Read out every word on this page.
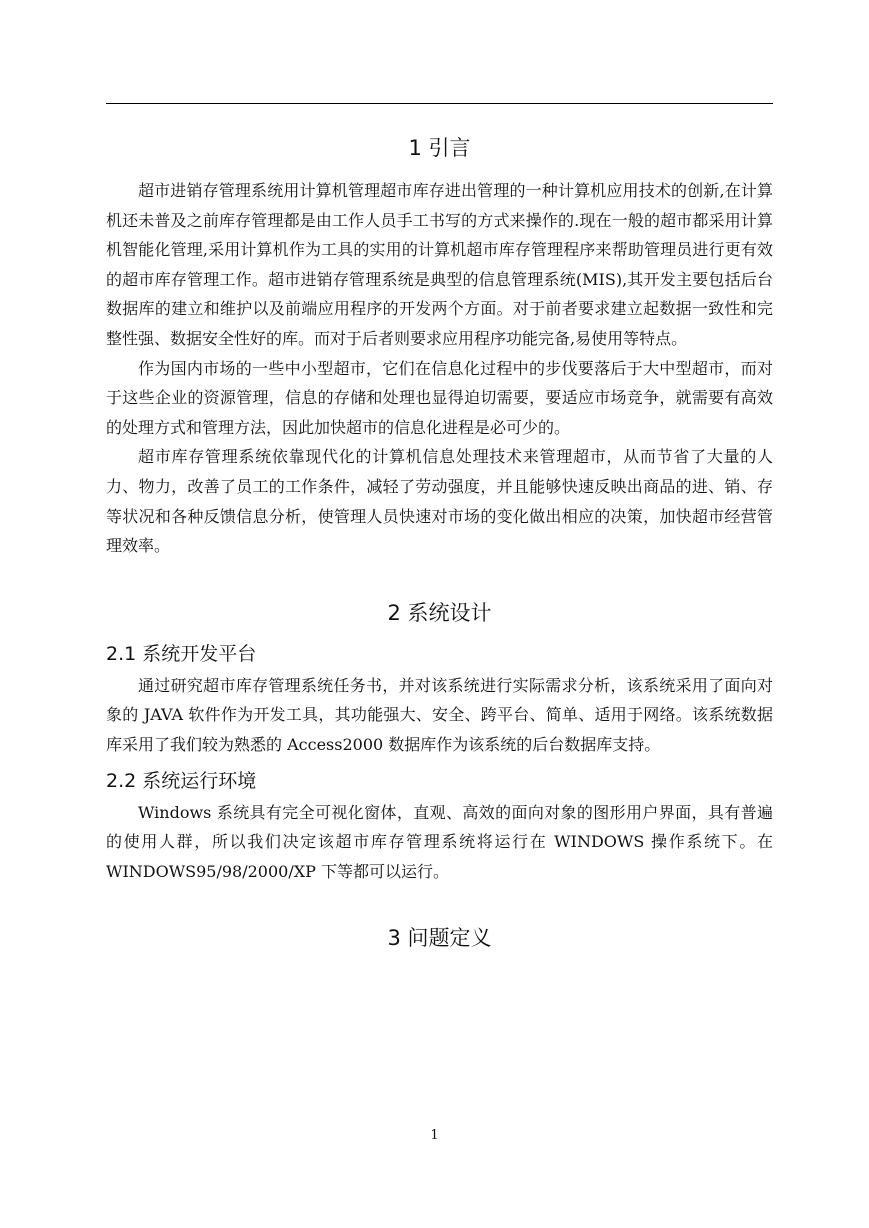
1 引言

超市进销存管理系统用计算机管理超市库存进出管理的一种计算机应用技术的创新,在计算机还未普及之前库存管理都是由工作人员手工书写的方式来操作的.现在一般的超市都采用计算机智能化管理,采用计算机作为工具的实用的计算机超市库存管理程序来帮助管理员进行更有效的超市库存管理工作。超市进销存管理系统是典型的信息管理系统(MIS),其开发主要包括后台数据库的建立和维护以及前端应用程序的开发两个方面。对于前者要求建立起数据一致性和完整性强、数据安全性好的库。而对于后者则要求应用程序功能完备,易使用等特点。

作为国内市场的一些中小型超市，它们在信息化过程中的步伐要落后于大中型超市，而对于这些企业的资源管理，信息的存储和处理也显得迫切需要，要适应市场竞争，就需要有高效的处理方式和管理方法，因此加快超市的信息化进程是必可少的。

超市库存管理系统依靠现代化的计算机信息处理技术来管理超市，从而节省了大量的人力、物力，改善了员工的工作条件，减轻了劳动强度，并且能够快速反映出商品的进、销、存等状况和各种反馈信息分析，使管理人员快速对市场的变化做出相应的决策，加快超市经营管理效率。

2 系统设计
2.1 系统开发平台

通过研究超市库存管理系统任务书，并对该系统进行实际需求分析，该系统采用了面向对象的 JAVA 软件作为开发工具，其功能强大、安全、跨平台、简单、适用于网络。该系统数据库采用了我们较为熟悉的 Access2000 数据库作为该系统的后台数据库支持。

2.2 系统运行环境

Windows 系统具有完全可视化窗体，直观、高效的面向对象的图形用户界面，具有普遍的使用人群，所以我们决定该超市库存管理系统将运行在 WINDOWS 操作系统下。在 WINDOWS95/98/2000/XP 下等都可以运行。

3 问题定义
1
